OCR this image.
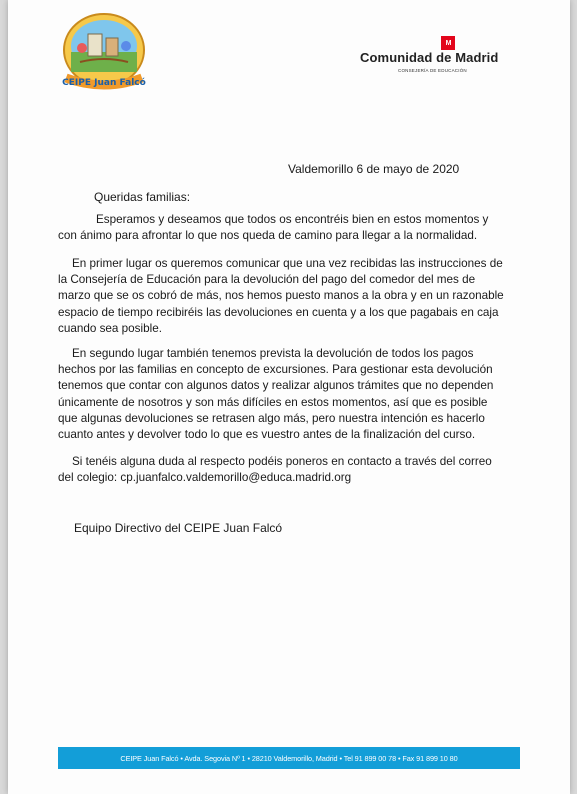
CEIPE Juan Falcó
M
Comunidad de Madrid
CONSEJERÍA DE EDUCACIÓN
Valdemorillo 6 de mayo de 2020
Queridas familias:
Esperamos y deseamos que todos os encontréis bien en estos momentos y
con ánimo para afrontar lo que nos queda de camino para llegar a la normalidad.
En primer lugar os queremos comunicar que una vez recibidas las instrucciones de
la Consejería de Educación para la devolución del pago del comedor del mes de
marzo que se os cobró de más, nos hemos puesto manos a la obra y en un razonable
espacio de tiempo recibiréis las devoluciones en cuenta y a los que pagabais en caja
cuando sea posible.
En segundo lugar también tenemos prevista la devolución de todos los pagos
hechos por las familias en concepto de excursiones. Para gestionar esta devolución
tenemos que contar con algunos datos y realizar algunos trámites que no dependen
únicamente de nosotros y son más difíciles en estos momentos, así que es posible
que algunas devoluciones se retrasen algo más, pero nuestra intención es hacerlo
cuanto antes y devolver todo lo que es vuestro antes de la finalización del curso.
Si tenéis alguna duda al respecto podéis poneros en contacto a través del correo
del colegio: cp.juanfalco.valdemorillo@educa.madrid.org
Equipo Directivo del CEIPE Juan Falcó
CEIPE Juan Falcó • Avda. Segovia Nº 1 • 28210 Valdemorillo, Madrid • Tel 91 899 00 78 • Fax 91 899 10 80
